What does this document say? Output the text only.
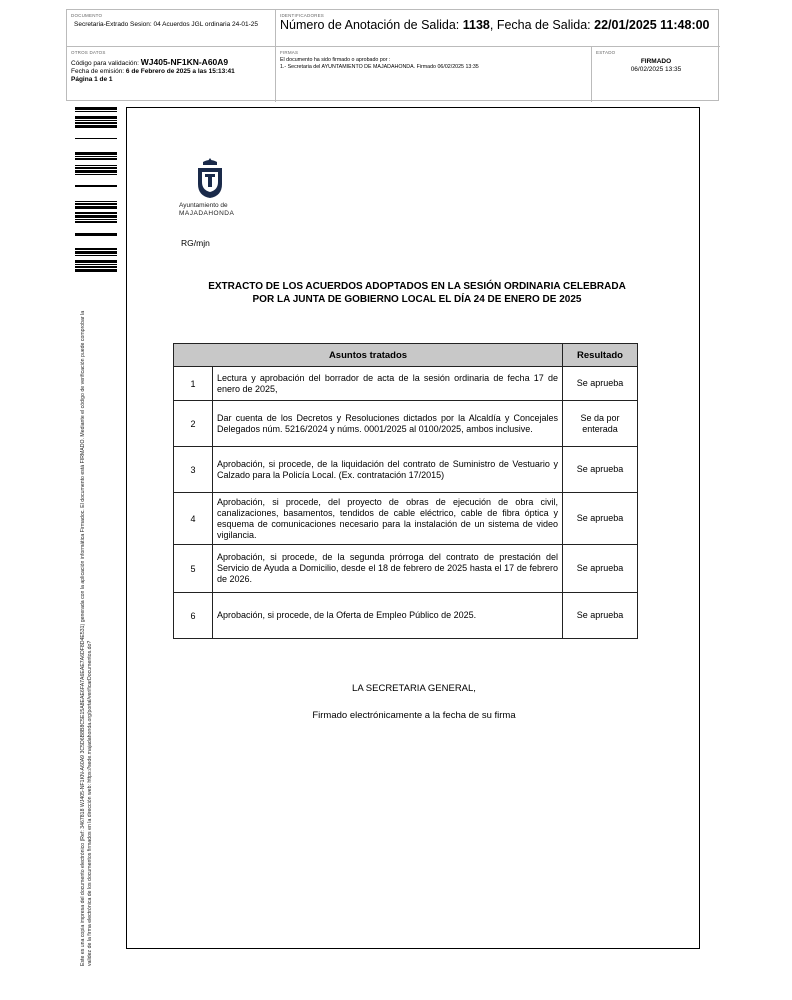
DOCUMENTO
Secretaria-Extrado Sesion: 04 Acuerdos JGL ordinaria 24-01-25
IDENTIFICADORES
Número de Anotación de Salida: 1138, Fecha de Salida: 22/01/2025 11:48:00
OTROS DATOS
Código para validación: WJ405-NF1KN-A60A9
Fecha de emisión: 6 de Febrero de 2025 a las 15:13:41
Página 1 de 1
FIRMAS
El documento ha sido firmado o aprobado por :
1.- Secretaria del AYUNTAMIENTO DE MAJADAHONDA. Firmado 06/02/2025 13:35
ESTADO
FIRMADO
06/02/2025 13:35
Este es una copia impresa del documento electrónico (Ref: 3467818 WJ405-NF1KN-A60A9 3C5D6B8B8C5E15A8EAE6FA7A6EAE7A6DF8D4E531) generada con la aplicación informática Firmadoc. El documento está FIRMADO. Mediante el código de verificación puede comprobar la validez de la firma electrónica de los documentos firmados en la dirección web: https://sede.majadahonda.org/portal/verificarDocumentos.do?
Ayuntamiento de
MAJADAHONDA
RG/mjn
EXTRACTO DE LOS ACUERDOS ADOPTADOS EN LA SESIÓN ORDINARIA CELEBRADA
POR LA JUNTA DE GOBIERNO LOCAL EL DÍA 24 DE ENERO DE 2025
Asuntos tratados		Resultado
1	Lectura y aprobación del borrador de acta de la sesión ordinaria de fecha 17 de enero de 2025,	Se aprueba
2	Dar cuenta de los Decretos y Resoluciones dictados por la Alcaldía y Concejales Delegados núm. 5216/2024 y núms. 0001/2025 al 0100/2025, ambos inclusive.	Se da por enterada
3	Aprobación, si procede, de la liquidación del contrato de Suministro de Vestuario y Calzado para la Policía Local. (Ex. contratación 17/2015)	Se aprueba
4	Aprobación, si procede, del proyecto de obras de ejecución de obra civil, canalizaciones, basamentos, tendidos de cable eléctrico, cable de fibra óptica y esquema de comunicaciones necesario para la instalación de un sistema de video vigilancia.	Se aprueba
5	Aprobación, si procede, de la segunda prórroga del contrato de prestación del Servicio de Ayuda a Domicilio, desde el 18 de febrero de 2025 hasta el 17 de febrero de 2026.	Se aprueba
6	Aprobación, si procede, de la Oferta de Empleo Público de 2025.	Se aprueba
LA SECRETARIA GENERAL,
Firmado electrónicamente a la fecha de su firma
